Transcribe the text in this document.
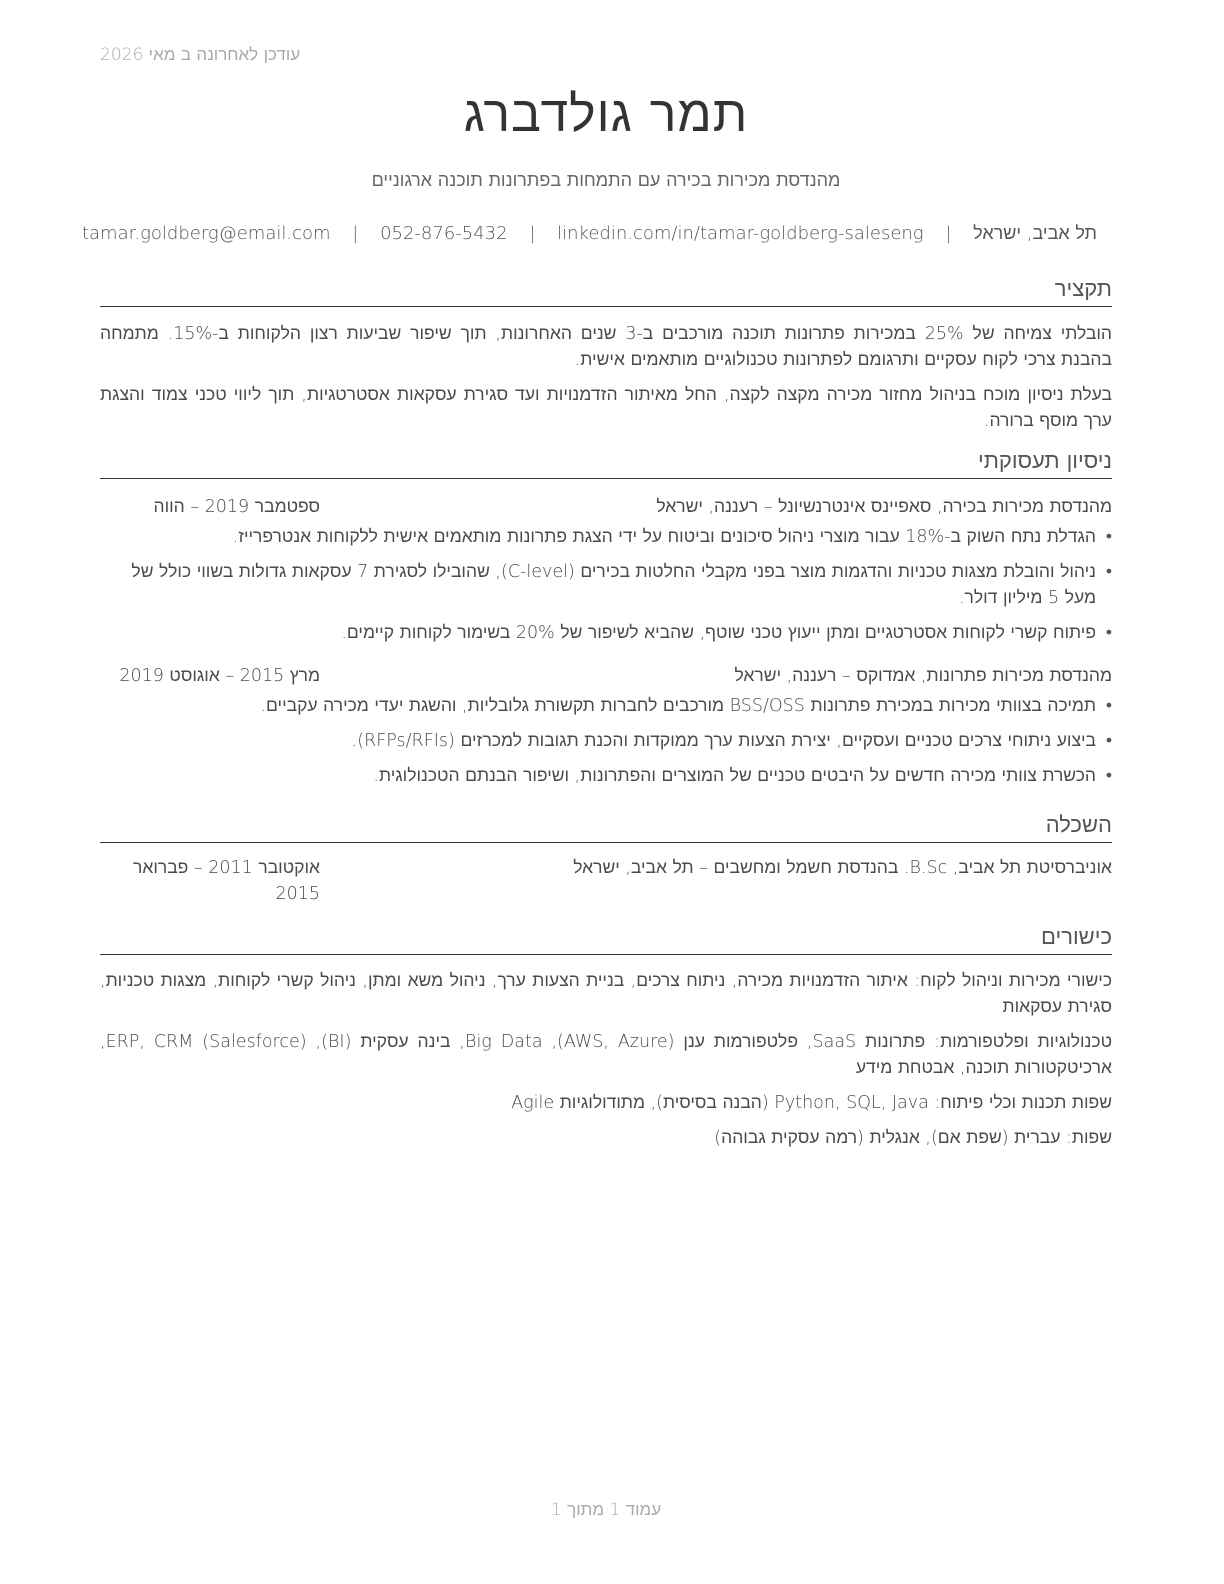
עודכן לאחרונה ב מאי 2026
תמר גולדברג
מהנדסת מכירות בכירה עם התמחות בפתרונות תוכנה ארגוניים
תל אביב, ישראל | tamar.goldberg@email.com | 052-876-5432 | linkedin.com/in/tamar-goldberg-saleseng
תקציר

הובלתי צמיחה של 25% במכירות פתרונות תוכנה מורכבים ב-3 שנים האחרונות, תוך שיפור שביעות רצון הלקוחות ב-15%. מתמחה בהבנת צרכי לקוח עסקיים ותרגומם לפתרונות טכנולוגיים מותאמים אישית.

בעלת ניסיון מוכח בניהול מחזור מכירה מקצה לקצה, החל מאיתור הזדמנויות ועד סגירת עסקאות אסטרטגיות, תוך ליווי טכני צמוד והצגת ערך מוסף ברורה.

ניסיון תעסוקתי
מהנדסת מכירות בכירה, סאפיינס אינטרנשיונל – רעננה, ישראל
ספטמבר 2019 – הווה
• הגדלת נתח השוק ב-18% עבור מוצרי ניהול סיכונים וביטוח על ידי הצגת פתרונות מותאמים אישית ללקוחות אנטרפרייז.
• ניהול והובלת מצגות טכניות והדגמות מוצר בפני מקבלי החלטות בכירים (C-level), שהובילו לסגירת 7 עסקאות גדולות בשווי כולל של מעל 5 מיליון דולר.
• פיתוח קשרי לקוחות אסטרטגיים ומתן ייעוץ טכני שוטף, שהביא לשיפור של 20% בשימור לקוחות קיימים.
מהנדסת מכירות פתרונות, אמדוקס – רעננה, ישראל
מרץ 2015 – אוגוסט 2019
• תמיכה בצוותי מכירות במכירת פתרונות BSS/OSS מורכבים לחברות תקשורת גלובליות, והשגת יעדי מכירה עקביים.
• ביצוע ניתוחי צרכים טכניים ועסקיים, יצירת הצעות ערך ממוקדות והכנת תגובות למכרזים (RFPs/RFIs).
• הכשרת צוותי מכירה חדשים על היבטים טכניים של המוצרים והפתרונות, ושיפור הבנתם הטכנולוגית.
השכלה
אוניברסיטת תל אביב, B.Sc. בהנדסת חשמל ומחשבים – תל אביב, ישראל
אוקטובר 2011 – פברואר 2015
כישורים

כישורי מכירות וניהול לקוח: איתור הזדמנויות מכירה, ניתוח צרכים, בניית הצעות ערך, ניהול משא ומתן, ניהול קשרי לקוחות, מצגות טכניות, סגירת עסקאות

טכנולוגיות ופלטפורמות: פתרונות SaaS, פלטפורמות ענן (AWS, Azure), Big Data, בינה עסקית (BI), ERP, CRM (Salesforce), ארכיטקטורות תוכנה, אבטחת מידע

שפות תכנות וכלי פיתוח: Python, SQL, Java (הבנה בסיסית), מתודולוגיות Agile

שפות: עברית (שפת אם), אנגלית (רמה עסקית גבוהה)

עמוד 1 מתוך 1
